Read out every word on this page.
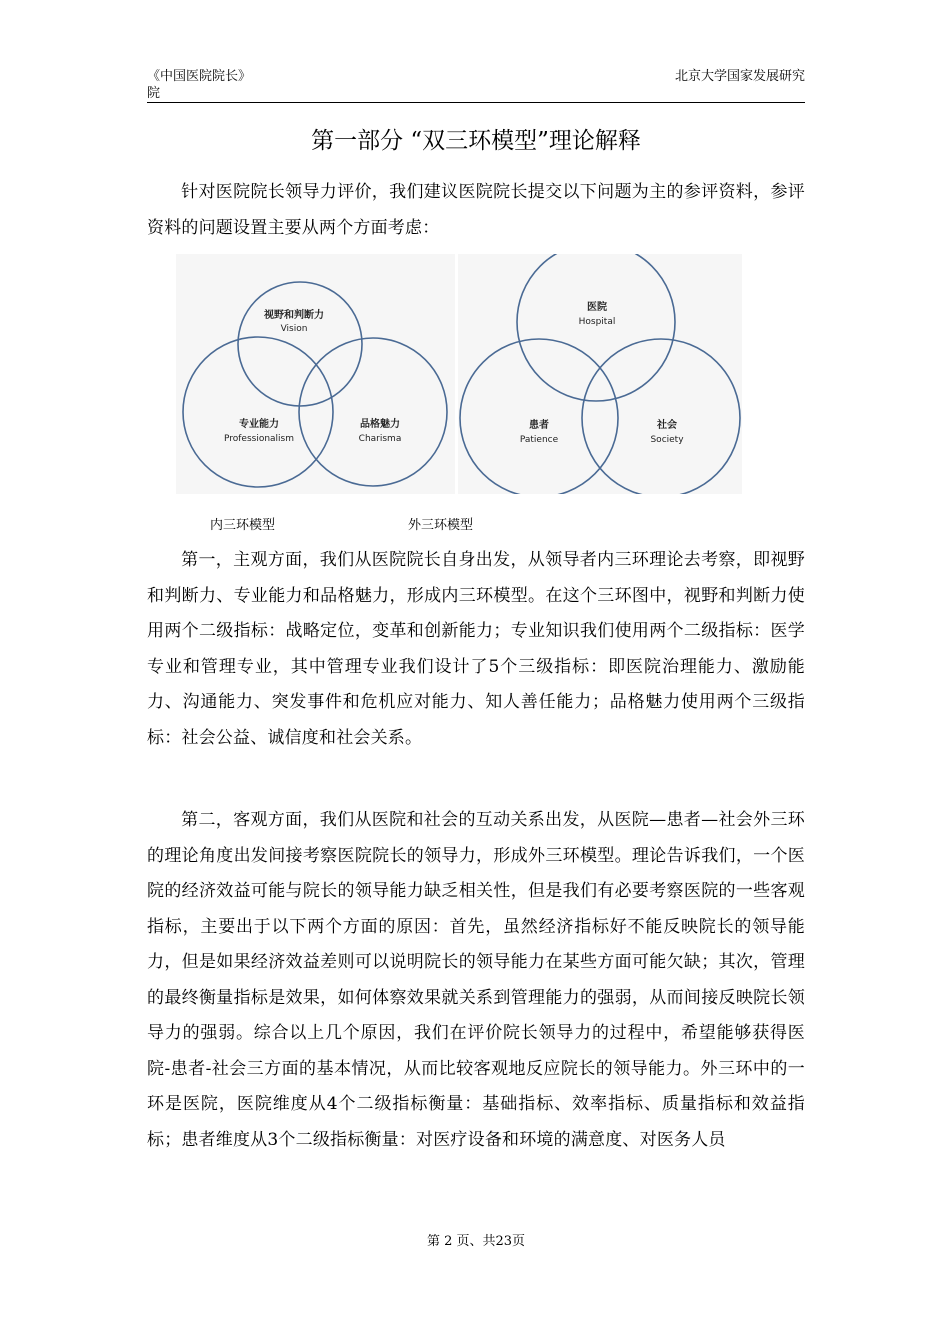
《中国医院院长》
院
北京大学国家发展研究
第一部分 “双三环模型”理论解释

针对医院院长领导力评价，我们建议医院院长提交以下问题为主的参评资料，参评资料的问题设置主要从两个方面考虑：

视野和判断力
Vision
专业能力
Professionalism
品格魅力
Charisma
医院
Hospital
患者
Patience
社会
Society
内三环模型	外三环模型

第一，主观方面，我们从医院院长自身出发，从领导者内三环理论去考察，即视野和判断力、专业能力和品格魅力，形成内三环模型。在这个三环图中，视野和判断力使用两个二级指标：战略定位，变革和创新能力；专业知识我们使用两个二级指标：医学专业和管理专业，其中管理专业我们设计了5个三级指标：即医院治理能力、激励能力、沟通能力、突发事件和危机应对能力、知人善任能力；品格魅力使用两个三级指标：社会公益、诚信度和社会关系。

第二，客观方面，我们从医院和社会的互动关系出发，从医院—患者—社会外三环的理论角度出发间接考察医院院长的领导力，形成外三环模型。理论告诉我们，一个医院的经济效益可能与院长的领导能力缺乏相关性，但是我们有必要考察医院的一些客观指标，主要出于以下两个方面的原因：首先，虽然经济指标好不能反映院长的领导能力，但是如果经济效益差则可以说明院长的领导能力在某些方面可能欠缺；其次，管理的最终衡量指标是效果，如何体察效果就关系到管理能力的强弱，从而间接反映院长领导力的强弱。综合以上几个原因，我们在评价院长领导力的过程中，希望能够获得医院-患者-社会三方面的基本情况，从而比较客观地反应院长的领导能力。外三环中的一环是医院，医院维度从4个二级指标衡量：基础指标、效率指标、质量指标和效益指标；患者维度从3个二级指标衡量：对医疗设备和环境的满意度、对医务人员

第 2 页、共23页
